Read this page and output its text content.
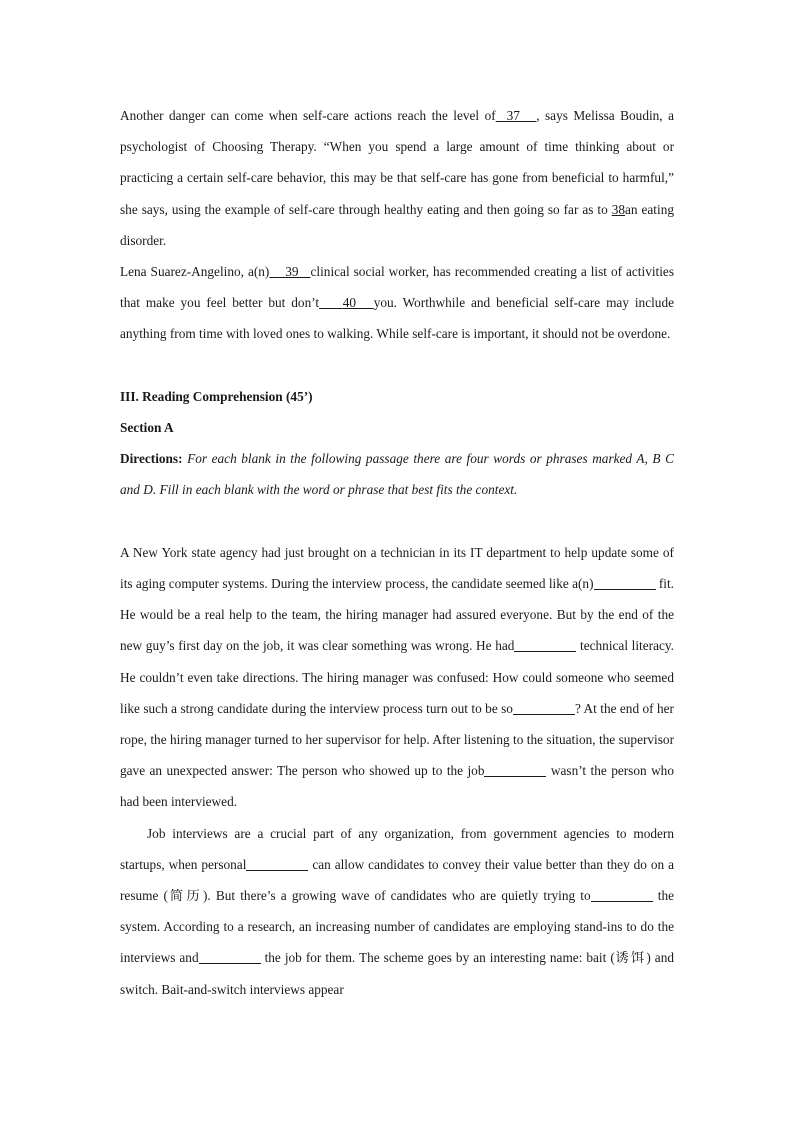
Another danger can come when self-care actions reach the level of 37 , says Melissa Boudin, a psychologist of Choosing Therapy. “When you spend a large amount of time thinking about or practicing a certain self-care behavior, this may be that self-care has gone from beneficial to harmful,” she says, using the example of self-care through healthy eating and then going so far as to 38an eating disorder.

Lena Suarez-Angelino, a(n) 39 clinical social worker, has recommended creating a list of activities that make you feel better but don’t 40 you. Worthwhile and beneficial self-care may include anything from time with loved ones to walking. While self-care is important, it should not be overdone.

III. Reading Comprehension (45’)

Section A

Directions: For each blank in the following passage there are four words or phrases marked A, B C and D. Fill in each blank with the word or phrase that best fits the context.

A New York state agency had just brought on a technician in its IT department to help update some of its aging computer systems. During the interview process, the candidate seemed like a(n)	fit. He would be a real help to the team, the hiring manager had assured everyone. But by the end of the new guy’s first day on the job, it was clear something was wrong. He had	technical literacy. He couldn’t even take directions. The hiring manager was confused: How could someone who seemed like such a strong candidate during the interview process turn out to be so	? At the end of her rope, the hiring manager turned to her supervisor for help. After listening to the situation, the supervisor gave an unexpected answer: The person who showed up to the job	wasn’t the person who had been interviewed.

Job interviews are a crucial part of any organization, from government agencies to modern startups, when personal	can allow candidates to convey their value better than they do on a resume (简历). But there’s a growing wave of candidates who are quietly trying to	the system. According to a research, an increasing number of candidates are employing stand-ins to do the interviews and	the job for them. The scheme goes by an interesting name: bait (诱饵) and switch. Bait-and-switch interviews appear
